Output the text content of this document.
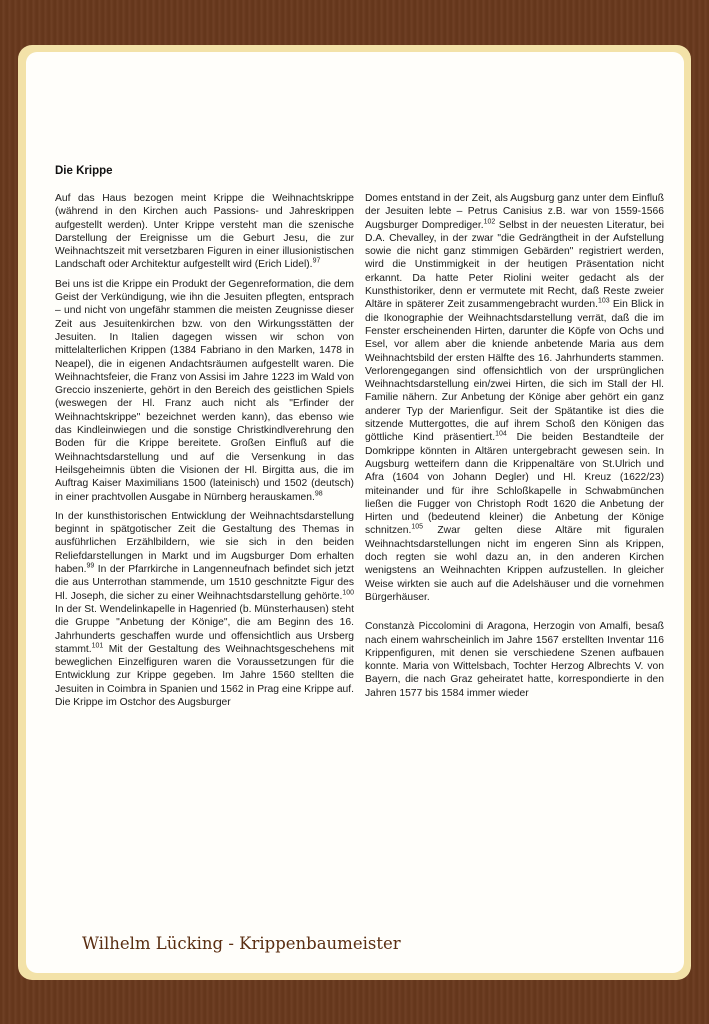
Die Krippe

Auf das Haus bezogen meint Krippe die Weihnachtskrippe (während in den Kirchen auch Passions- und Jahreskrippen aufgestellt werden). Unter Krippe versteht man die szenische Darstellung der Ereignisse um die Geburt Jesu, die zur Weihnachtszeit mit versetzbaren Figuren in einer illusionistischen Landschaft oder Architektur aufgestellt wird (Erich Lidel).$^{97}$

Bei uns ist die Krippe ein Produkt der Gegenreformation, die dem Geist der Verkündigung, wie ihn die Jesuiten pflegten, entsprach – und nicht von ungefähr stammen die meisten Zeugnisse dieser Zeit aus Jesuitenkirchen bzw. von den Wirkungsstätten der Jesuiten. In Italien dagegen wissen wir schon von mittelalterlichen Krippen (1384 Fabriano in den Marken, 1478 in Neapel), die in eigenen Andachtsräumen aufgestellt waren. Die Weihnachtsfeier, die Franz von Assisi im Jahre 1223 im Wald von Greccio inszenierte, gehört in den Bereich des geistlichen Spiels (weswegen der Hl. Franz auch nicht als "Erfinder der Weihnachtskrippe" bezeichnet werden kann), das ebenso wie das Kindleinwiegen und die sonstige Christkindlverehrung den Boden für die Krippe bereitete. Großen Einfluß auf die Weihnachtsdarstellung und auf die Versenkung in das Heilsgeheimnis übten die Visionen der Hl. Birgitta aus, die im Auftrag Kaiser Maximilians 1500 (lateinisch) und 1502 (deutsch) in einer prachtvollen Ausgabe in Nürnberg herauskamen.$^{98}$

In der kunsthistorischen Entwicklung der Weihnachtsdarstellung beginnt in spätgotischer Zeit die Gestaltung des Themas in ausführlichen Erzählbildern, wie sie sich in den beiden Reliefdarstellungen in Markt und im Augsburger Dom erhalten haben.$^{99}$ In der Pfarrkirche in Langenneufnach befindet sich jetzt die aus Unterrothan stammende, um 1510 geschnitzte Figur des Hl. Joseph, die sicher zu einer Weihnachtsdarstellung gehörte.$^{100}$ In der St. Wendelinkapelle in Hagenried (b. Münsterhausen) steht die Gruppe "Anbetung der Könige", die am Beginn des 16. Jahrhunderts geschaffen wurde und offensichtlich aus Ursberg stammt.$^{101}$ Mit der Gestaltung des Weihnachtsgeschehens mit beweglichen Einzelfiguren waren die Voraussetzungen für die Entwicklung zur Krippe gegeben. Im Jahre 1560 stellten die Jesuiten in Coimbra in Spanien und 1562 in Prag eine Krippe auf. Die Krippe im Ostchor des Augsburger

Domes entstand in der Zeit, als Augsburg ganz unter dem Einfluß der Jesuiten lebte – Petrus Canisius z.B. war von 1559-1566 Augsburger Domprediger.$^{102}$ Selbst in der neuesten Literatur, bei D.A. Chevalley, in der zwar "die Gedrängtheit in der Aufstellung sowie die nicht ganz stimmigen Gebärden" registriert werden, wird die Unstimmigkeit in der heutigen Präsentation nicht erkannt. Da hatte Peter Riolini weiter gedacht als der Kunsthistoriker, denn er vermutete mit Recht, daß Reste zweier Altäre in späterer Zeit zusammengebracht wurden.$^{103}$ Ein Blick in die Ikonographie der Weihnachtsdarstellung verrät, daß die im Fenster erscheinenden Hirten, darunter die Köpfe von Ochs und Esel, vor allem aber die kniende anbetende Maria aus dem Weihnachtsbild der ersten Hälfte des 16. Jahrhunderts stammen. Verlorengegangen sind offensichtlich von der ursprünglichen Weihnachtsdarstellung ein/zwei Hirten, die sich im Stall der Hl. Familie nähern. Zur Anbetung der Könige aber gehört ein ganz anderer Typ der Marienfigur. Seit der Spätantike ist dies die sitzende Muttergottes, die auf ihrem Schoß den Königen das göttliche Kind präsentiert.$^{104}$ Die beiden Bestandteile der Domkrippe könnten in Altären untergebracht gewesen sein. In Augsburg wetteifern dann die Krippenaltäre von St.Ulrich und Afra (1604 von Johann Degler) und Hl. Kreuz (1622/23) miteinander und für ihre Schloßkapelle in Schwabmünchen ließen die Fugger von Christoph Rodt 1620 die Anbetung der Hirten und (bedeutend kleiner) die Anbetung der Könige schnitzen.$^{105}$ Zwar gelten diese Altäre mit figuralen Weihnachtsdarstellungen nicht im engeren Sinn als Krippen, doch regten sie wohl dazu an, in den anderen Kirchen wenigstens an Weihnachten Krippen aufzustellen. In gleicher Weise wirkten sie auch auf die Adelshäuser und die vornehmen Bürgerhäuser.

Constanzà Piccolomini di Aragona, Herzogin von Amalfi, besaß nach einem wahrscheinlich im Jahre 1567 erstellten Inventar 116 Krippenfiguren, mit denen sie verschiedene Szenen aufbauen konnte. Maria von Wittelsbach, Tochter Herzog Albrechts V. von Bayern, die nach Graz geheiratet hatte, korrespondierte in den Jahren 1577 bis 1584 immer wieder

Wilhelm Lücking - Krippenbaumeister
